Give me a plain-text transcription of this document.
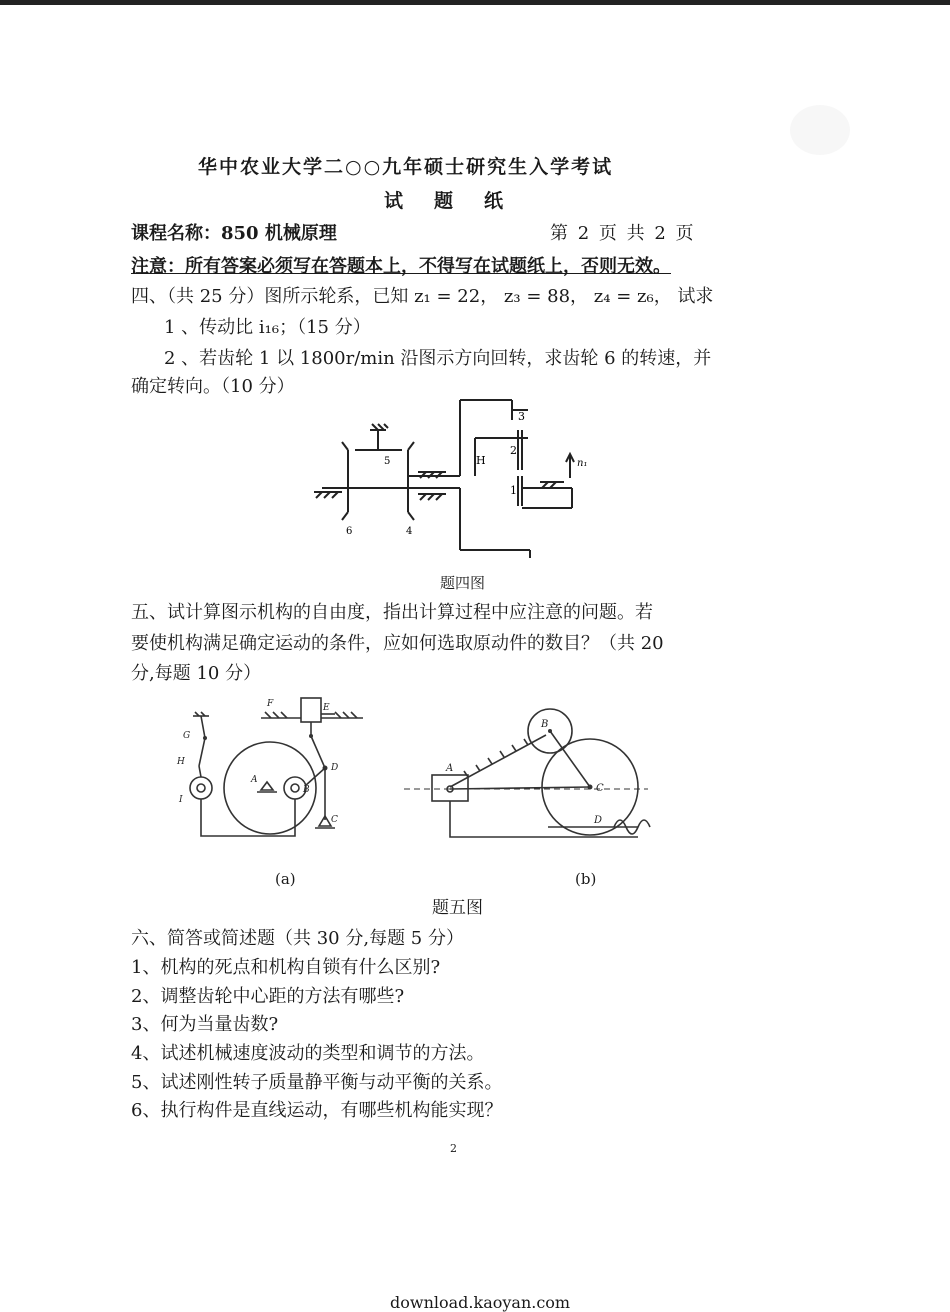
华中农业大学二○○九年硕士研究生入学考试
试　题　纸
课程名称：850 机械原理	第 2 页 共 2 页
注意：所有答案必须写在答题本上，不得写在试题纸上，否则无效。
四、（共 25 分）图所示轮系，已知 z₁ = 22， z₃ = 88， z₄ = z₆， 试求
1 、传动比 i₁₆；（15 分）
2 、若齿轮 1 以 1800r/min 沿图示方向回转，求齿轮 6 的转速，并
确定转向。（10 分）
3
2
1
5
6	4
H	n₁
题四图
五、试计算图示机构的自由度，指出计算过程中应注意的问题。若
要使机构满足确定运动的条件，应如何选取原动件的数目？（共 20
分,每题 10 分）
G
H
I
A
B
C
D
E
F
(a)
A
B
C
D
(b)
题五图
六、简答或简述题（共 30 分,每题 5 分）
1、机构的死点和机构自锁有什么区别?
2、调整齿轮中心距的方法有哪些?
3、何为当量齿数?
4、试述机械速度波动的类型和调节的方法。
5、试述刚性转子质量静平衡与动平衡的关系。
6、执行构件是直线运动，有哪些机构能实现？
2
download.kaoyan.com
